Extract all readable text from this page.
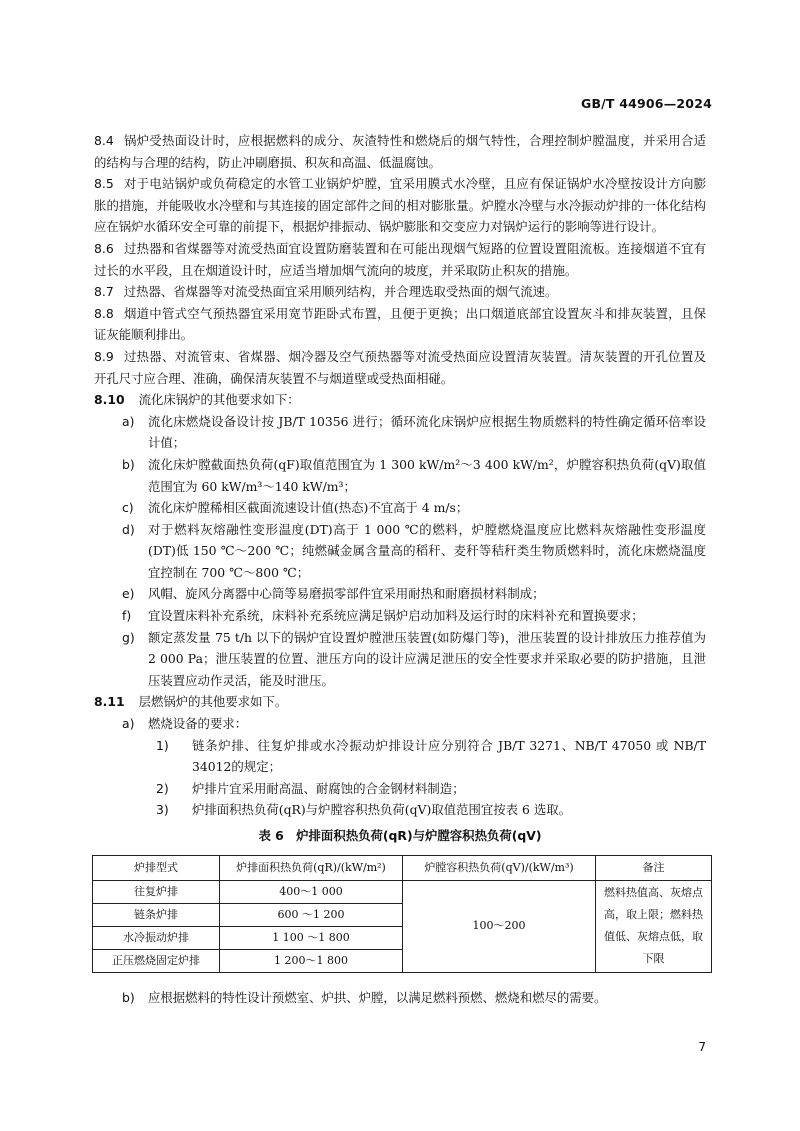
GB/T 44906—2024

8.4 锅炉受热面设计时，应根据燃料的成分、灰渣特性和燃烧后的烟气特性，合理控制炉膛温度，并采用合适的结构与合理的结构，防止冲刷磨损、积灰和高温、低温腐蚀。

8.5 对于电站锅炉或负荷稳定的水管工业锅炉炉膛，宜采用膜式水冷壁，且应有保证锅炉水冷壁按设计方向膨胀的措施，并能吸收水冷壁和与其连接的固定部件之间的相对膨胀量。炉膛水冷壁与水冷振动炉排的一体化结构应在锅炉水循环安全可靠的前提下，根据炉排振动、锅炉膨胀和交变应力对锅炉运行的影响等进行设计。

8.6 过热器和省煤器等对流受热面宜设置防磨装置和在可能出现烟气短路的位置设置阻流板。连接烟道不宜有过长的水平段，且在烟道设计时，应适当增加烟气流向的坡度，并采取防止积灰的措施。

8.7 过热器、省煤器等对流受热面宜采用顺列结构，并合理选取受热面的烟气流速。

8.8 烟道中管式空气预热器宜采用宽节距卧式布置，且便于更换；出口烟道底部宜设置灰斗和排灰装置，且保证灰能顺利排出。

8.9 过热器、对流管束、省煤器、烟冷器及空气预热器等对流受热面应设置清灰装置。清灰装置的开孔位置及开孔尺寸应合理、准确，确保清灰装置不与烟道壁或受热面相碰。

8.10 流化床锅炉的其他要求如下：

a) 流化床燃烧设备设计按 JB/T 10356 进行；循环流化床锅炉应根据生物质燃料的特性确定循环倍率设计值；
b) 流化床炉膛截面热负荷(qF)取值范围宜为 1 300 kW/m²～3 400 kW/m²，炉膛容积热负荷(qV)取值范围宜为 60 kW/m³～140 kW/m³；
c) 流化床炉膛稀相区截面流速设计值(热态)不宜高于 4 m/s；
d) 对于燃料灰熔融性变形温度(DT)高于 1 000 ℃的燃料，炉膛燃烧温度应比燃料灰熔融性变形温度(DT)低 150 ℃～200 ℃；纯燃碱金属含量高的稻秆、麦秆等秸秆类生物质燃料时，流化床燃烧温度宜控制在 700 ℃～800 ℃；
e) 风帽、旋风分离器中心筒等易磨损零部件宜采用耐热和耐磨损材料制成；
f) 宜设置床料补充系统，床料补充系统应满足锅炉启动加料及运行时的床料补充和置换要求；
g) 额定蒸发量 75 t/h 以下的锅炉宜设置炉膛泄压装置(如防爆门等)，泄压装置的设计排放压力推荐值为 2 000 Pa；泄压装置的位置、泄压方向的设计应满足泄压的安全性要求并采取必要的防护措施，且泄压装置应动作灵活，能及时泄压。

8.11 层燃锅炉的其他要求如下。

a) 燃烧设备的要求：
1) 链条炉排、往复炉排或水冷振动炉排设计应分别符合 JB/T 3271、NB/T 47050 或 NB/T 34012的规定；
2) 炉排片宜采用耐高温、耐腐蚀的合金钢材料制造；
3) 炉排面积热负荷(qR)与炉膛容积热负荷(qV)取值范围宜按表 6 选取。
表 6　炉排面积热负荷(qR)与炉膛容积热负荷(qV)
炉排型式	炉排面积热负荷(qR)/(kW/m²)	炉膛容积热负荷(qV)/(kW/m³)	备注
往复炉排	400～1 000	100～200	燃料热值高、灰熔点高，取上限；燃料热值低、灰熔点低，取下限
链条炉排	600 ～1 200		
水冷振动炉排	1 100 ～1 800		
正压燃烧固定炉排	1 200～1 800		
b) 应根据燃料的特性设计预燃室、炉拱、炉膛，以满足燃料预燃、燃烧和燃尽的需要。
7
